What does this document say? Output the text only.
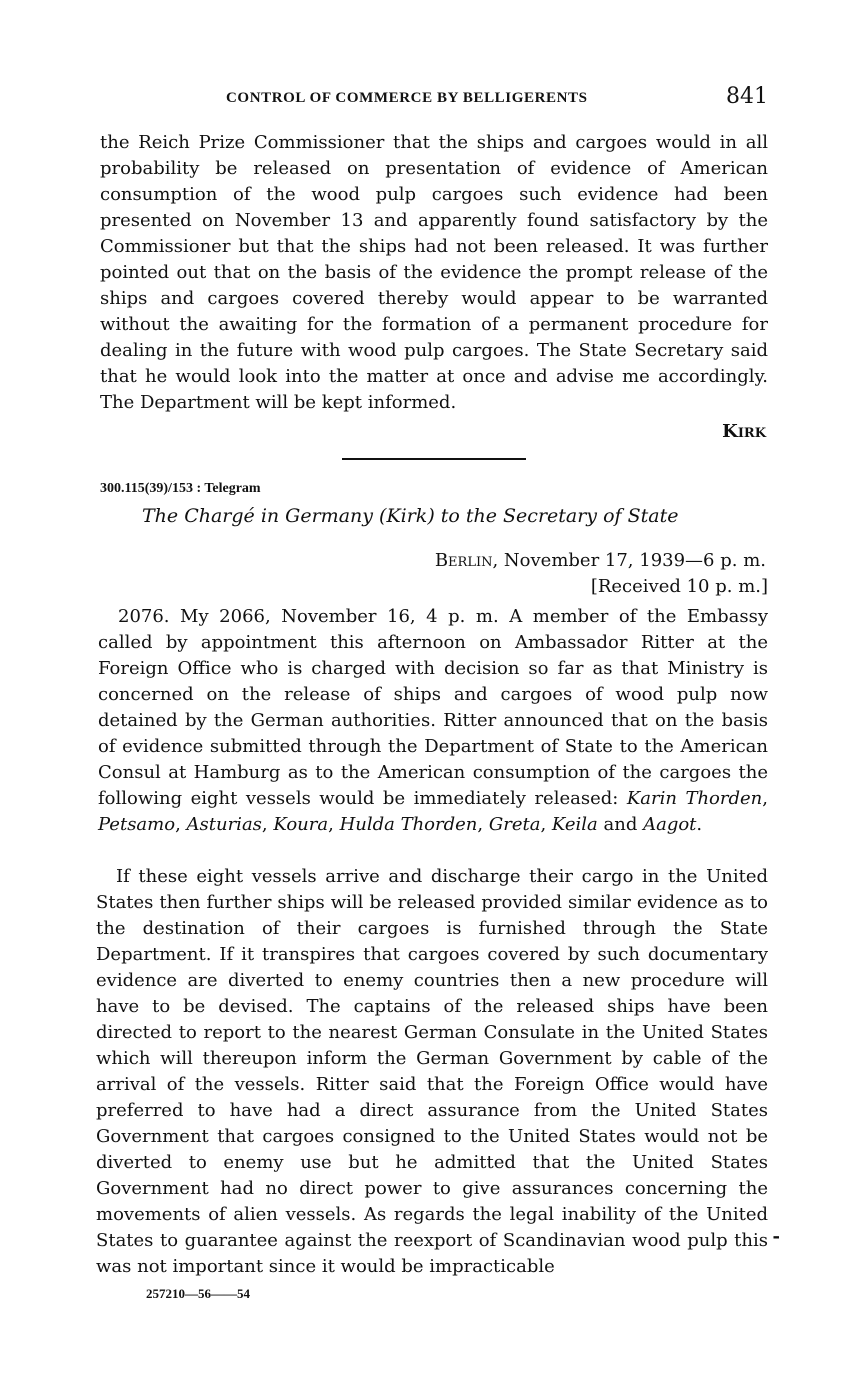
CONTROL OF COMMERCE BY BELLIGERENTS	841
the Reich Prize Commissioner that the ships and cargoes would in all probability be released on presentation of evidence of American consumption of the wood pulp cargoes such evidence had been presented on November 13 and apparently found satisfactory by the Commissioner but that the ships had not been released. It was further pointed out that on the basis of the evidence the prompt release of the ships and cargoes covered thereby would appear to be warranted without the awaiting for the formation of a permanent procedure for dealing in the future with wood pulp cargoes. The State Secretary said that he would look into the matter at once and advise me accordingly. The Department will be kept informed.
Kirk
300.115(39)/153 : Telegram
The Chargé in Germany (Kirk) to the Secretary of State
Berlin, November 17, 1939—6 p. m.
[Received 10 p. m.]
2076. My 2066, November 16, 4 p. m. A member of the Embassy called by appointment this afternoon on Ambassador Ritter at the Foreign Office who is charged with decision so far as that Ministry is concerned on the release of ships and cargoes of wood pulp now detained by the German authorities. Ritter announced that on the basis of evidence submitted through the Department of State to the American Consul at Hamburg as to the American consumption of the cargoes the following eight vessels would be immediately released: Karin Thorden, Petsamo, Asturias, Koura, Hulda Thorden, Greta, Keila and Aagot.
If these eight vessels arrive and discharge their cargo in the United States then further ships will be released provided similar evidence as to the destination of their cargoes is furnished through the State Department. If it transpires that cargoes covered by such documentary evidence are diverted to enemy countries then a new procedure will have to be devised. The captains of the released ships have been directed to report to the nearest German Consulate in the United States which will thereupon inform the German Government by cable of the arrival of the vessels. Ritter said that the Foreign Office would have preferred to have had a direct assurance from the United States Government that cargoes consigned to the United States would not be diverted to enemy use but he admitted that the United States Government had no direct power to give assurances concerning the movements of alien vessels. As regards the legal inability of the United States to guarantee against the reexport of Scandinavian wood pulp this was not important since it would be impracticable
-
257210—56——54
